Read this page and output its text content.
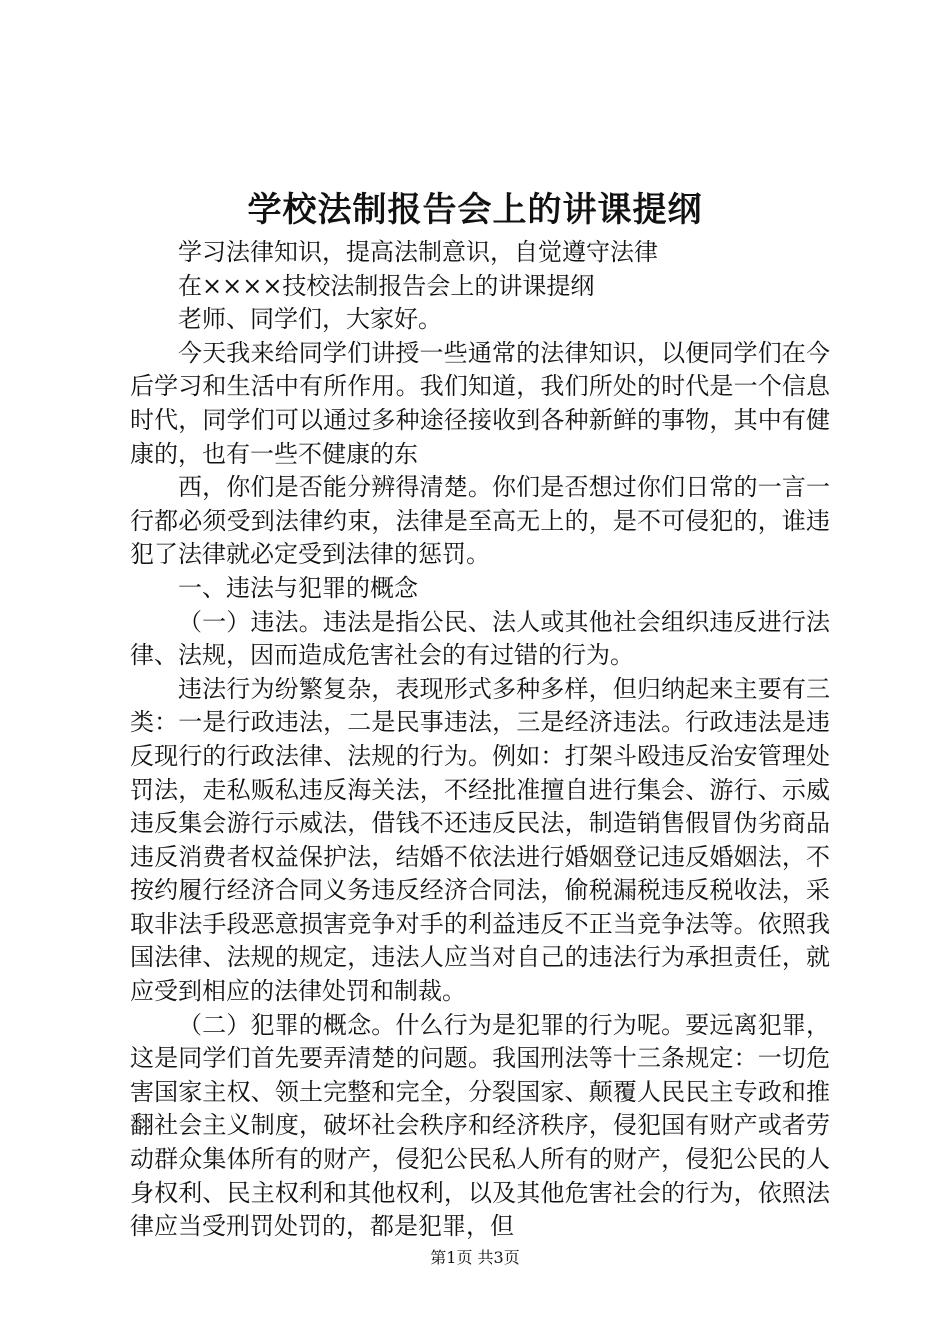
学校法制报告会上的讲课提纲

学习法律知识，提高法制意识，自觉遵守法律

在××××技校法制报告会上的讲课提纲

老师、同学们，大家好。

今天我来给同学们讲授一些通常的法律知识，以便同学们在今后学习和生活中有所作用。我们知道，我们所处的时代是一个信息时代，同学们可以通过多种途径接收到各种新鲜的事物，其中有健康的，也有一些不健康的东

西，你们是否能分辨得清楚。你们是否想过你们日常的一言一行都必须受到法律约束，法律是至高无上的，是不可侵犯的，谁违犯了法律就必定受到法律的惩罚。

一、违法与犯罪的概念

（一）违法。违法是指公民、法人或其他社会组织违反进行法律、法规，因而造成危害社会的有过错的行为。

违法行为纷繁复杂，表现形式多种多样，但归纳起来主要有三类：一是行政违法，二是民事违法，三是经济违法。行政违法是违反现行的行政法律、法规的行为。例如：打架斗殴违反治安管理处罚法，走私贩私违反海关法，不经批准擅自进行集会、游行、示威违反集会游行示威法，借钱不还违反民法，制造销售假冒伪劣商品违反消费者权益保护法，结婚不依法进行婚姻登记违反婚姻法，不按约履行经济合同义务违反经济合同法，偷税漏税违反税收法，采取非法手段恶意损害竞争对手的利益违反不正当竞争法等。依照我国法律、法规的规定，违法人应当对自己的违法行为承担责任，就应受到相应的法律处罚和制裁。

（二）犯罪的概念。什么行为是犯罪的行为呢。要远离犯罪，这是同学们首先要弄清楚的问题。我国刑法等十三条规定：一切危害国家主权、领土完整和完全，分裂国家、颠覆人民民主专政和推翻社会主义制度，破坏社会秩序和经济秩序，侵犯国有财产或者劳动群众集体所有的财产，侵犯公民私人所有的财产，侵犯公民的人身权利、民主权利和其他权利，以及其他危害社会的行为，依照法律应当受刑罚处罚的，都是犯罪，但

第1页 共3页
